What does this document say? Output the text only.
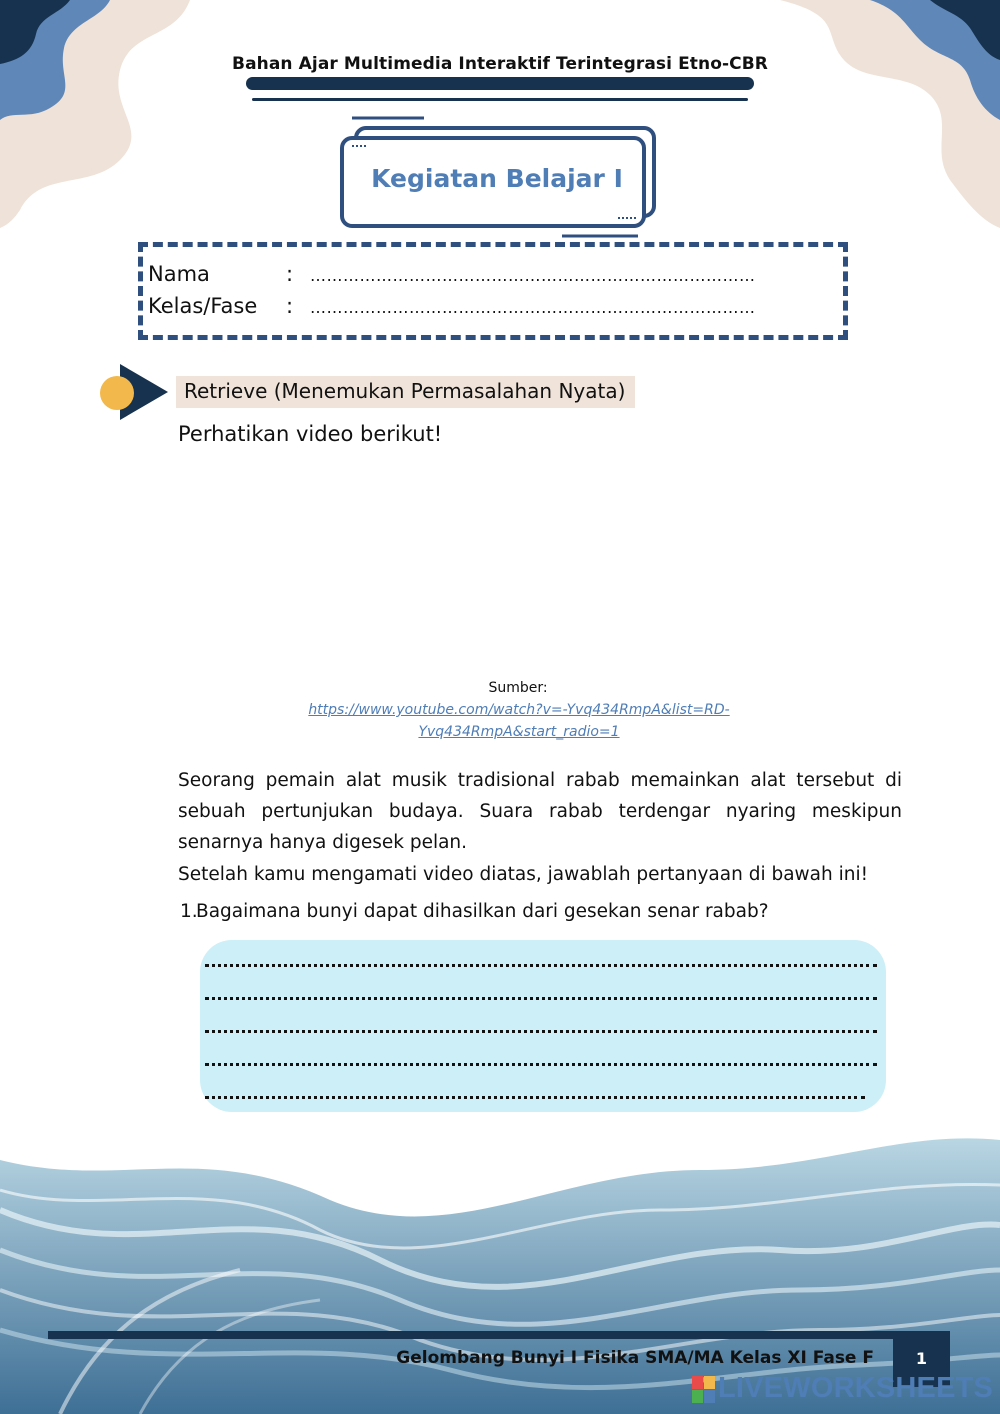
Bahan Ajar Multimedia Interaktif Terintegrasi Etno-CBR
Kegiatan Belajar I
Nama	: ………………………………………………………………………
Kelas/Fase : ………………………………………………………………………
Retrieve (Menemukan Permasalahan Nyata)
Perhatikan video berikut!
Sumber:
https://www.youtube.com/watch?v=-Yvq434RmpA&list=RD-Yvq434RmpA&start_radio=1
Seorang pemain alat musik tradisional rabab memainkan alat tersebut di sebuah pertunjukan budaya. Suara rabab terdengar nyaring meskipun senarnya hanya digesek pelan.
Setelah kamu mengamati video diatas, jawablah pertanyaan di bawah ini!
1.Bagaimana bunyi dapat dihasilkan dari gesekan senar rabab?
Gelombang Bunyi I Fisika SMA/MA Kelas XI Fase F	1
LIVEWORKSHEETS
